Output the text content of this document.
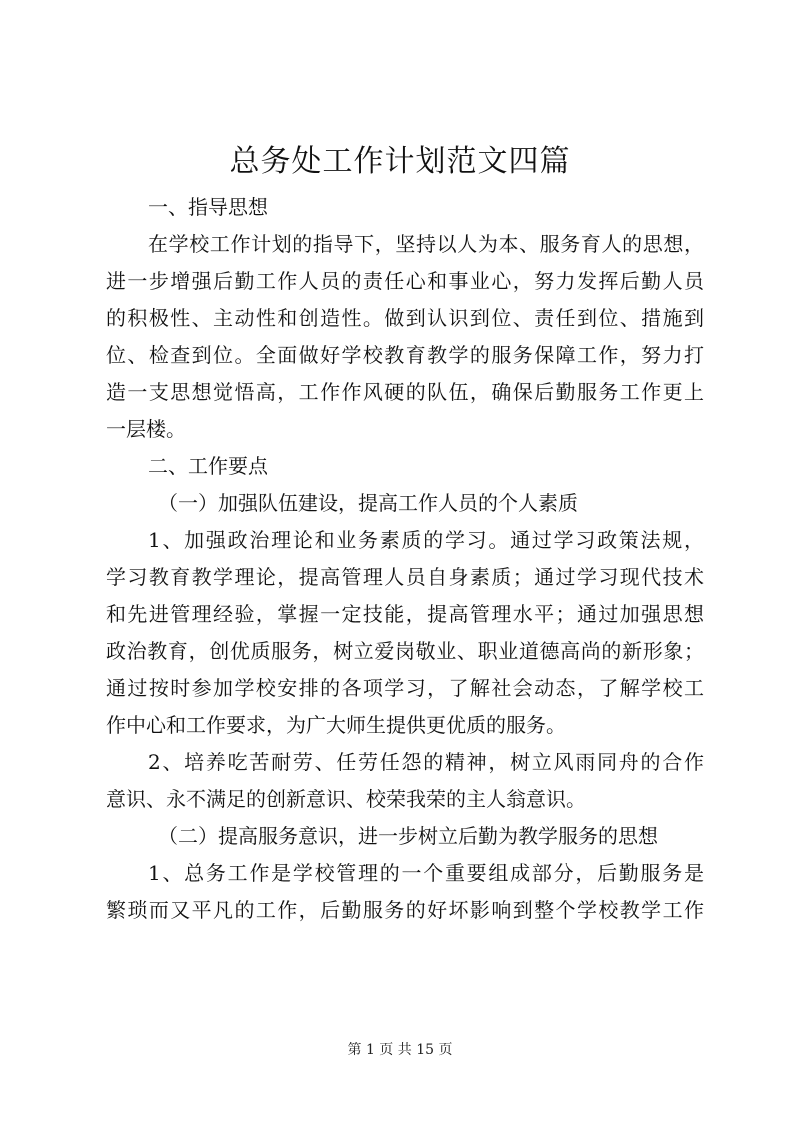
总务处工作计划范文四篇
一、指导思想
在学校工作计划的指导下，坚持以人为本、服务育人的思想，
进一步增强后勤工作人员的责任心和事业心，努力发挥后勤人员
的积极性、主动性和创造性。做到认识到位、责任到位、措施到
位、检查到位。全面做好学校教育教学的服务保障工作，努力打
造一支思想觉悟高，工作作风硬的队伍，确保后勤服务工作更上
一层楼。
二、工作要点
（一）加强队伍建设，提高工作人员的个人素质
1、加强政治理论和业务素质的学习。通过学习政策法规，
学习教育教学理论，提高管理人员自身素质；通过学习现代技术
和先进管理经验，掌握一定技能，提高管理水平；通过加强思想
政治教育，创优质服务，树立爱岗敬业、职业道德高尚的新形象；
通过按时参加学校安排的各项学习，了解社会动态，了解学校工
作中心和工作要求，为广大师生提供更优质的服务。
2、培养吃苦耐劳、任劳任怨的精神，树立风雨同舟的合作
意识、永不满足的创新意识、校荣我荣的主人翁意识。
（二）提高服务意识，进一步树立后勤为教学服务的思想
1、总务工作是学校管理的一个重要组成部分，后勤服务是
繁琐而又平凡的工作，后勤服务的好坏影响到整个学校教学工作
第 1 页 共 15 页
